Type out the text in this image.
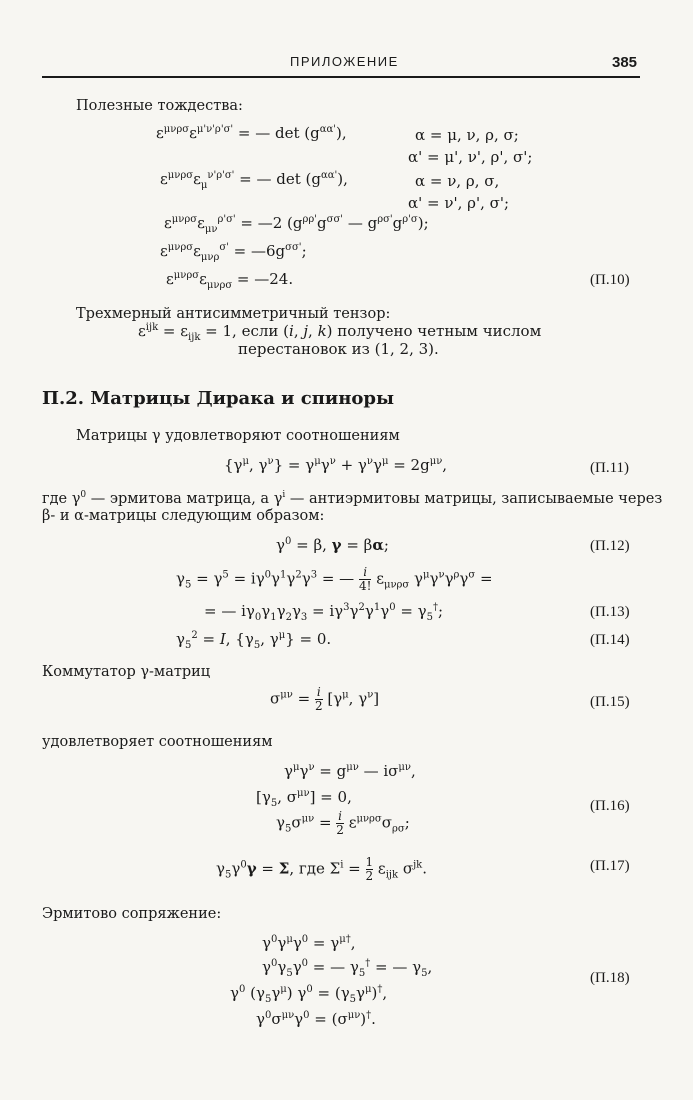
ПРИЛОЖЕНИЕ	385
Полезные тождества:
$\varepsilon^{\mu\nu\rho\sigma}\varepsilon^{\mu'\nu'\rho'\sigma'}$ = — $\det (g^{\alpha\alpha'})$,	α = μ, ν, ρ, σ;
α' = μ', ν', ρ', σ';
$\varepsilon^{\mu\nu\rho\sigma}\varepsilon_\mu^{\nu'\rho'\sigma'}$ = — $\det (g^{\alpha\alpha'})$,	α = ν, ρ, σ,
α' = ν', ρ', σ';
$\varepsilon^{\mu\nu\rho\sigma}\varepsilon_{\mu\nu}^{\rho'\sigma'}$ = —2 ($g^{\rho\rho'}g^{\sigma\sigma'}$ — $g^{\rho\sigma'}g^{\rho'\sigma}$);
$\varepsilon^{\mu\nu\rho\sigma}\varepsilon_{\mu\nu\rho}^{\sigma'}$ = $—6g^{\sigma\sigma'}$;
$\varepsilon^{\mu\nu\rho\sigma}\varepsilon_{\mu\nu\rho\sigma}$ = —24.	(П.10)
Трехмерный антисимметричный тензор:
$\varepsilon^{ijk} = \varepsilon_{ijk} = 1$, если (i, j, k) получено четным числом
перестановок из (1, 2, 3).
П.2. Матрицы Дирака и спиноры
Матрицы γ удовлетворяют соотношениям
{$\gamma^\mu$, $\gamma^\nu\} = \gamma^\mu\gamma^\nu + \gamma^\nu\gamma^\mu = 2g^{\mu\nu}$,	(П.11)
где $\gamma^0$ — эрмитова матрица, а $\gamma^i$ — антиэрмитовы матрицы, записываемые через
β- и α-матрицы следующим образом:
$\gamma^0 = \beta$, γ = βα;	(П.12)
$\gamma_5 = \gamma^5 = i\gamma^0\gamma^1\gamma^2\gamma^3$ = — $\frac{i}{4!} \varepsilon_{\mu\nu\rho\sigma}$ $\gamma^\mu\gamma^\nu\gamma^\rho\gamma^\sigma$ =
= — $i\gamma_0\gamma_1\gamma_2\gamma_3 = i\gamma^3\gamma^2\gamma^1\gamma^0 = \gamma_5^\dagger$;	(П.13)
$\gamma_5^2 = I$, {$\gamma_5$, $\gamma^\mu\} = 0$.	(П.14)
Коммутатор γ-матриц
$\sigma^{\mu\nu} = \frac{i}{2} [\gamma^\mu$, $\gamma^\nu$]	(П.15)
удовлетворяет соотношениям
$\gamma^\mu\gamma^\nu = g^{\mu\nu}$ — $i\sigma^{\mu\nu}$,
[$\gamma_5$, $\sigma^{\mu\nu}] = 0$,
$\gamma_5\sigma^{\mu\nu} = \frac{i}{2} \varepsilon^{\mu\nu\rho\sigma}\sigma_{\rho\sigma}$;
(П.16)
$\gamma_5\gamma^0\gamma = \Sigma$, где $\Sigma^i = \frac{1}{2} \varepsilon_{ijk}$ $\sigma^{jk}$.	(П.17)
Эрмитово сопряжение:
$\gamma^0\gamma^\mu\gamma^0 = \gamma^{\mu\dagger}$,
$\gamma^0\gamma_5\gamma^0$ = — $\gamma_5^\dagger$ = — $\gamma_5$,
$\gamma^0$ $(\gamma_5\gamma^\mu) \gamma^0 = (\gamma_5\gamma^\mu)^\dagger$,
$\gamma^0\sigma^{\mu\nu}\gamma^0 = (\sigma^{\mu\nu})^\dagger$.
(П.18)
